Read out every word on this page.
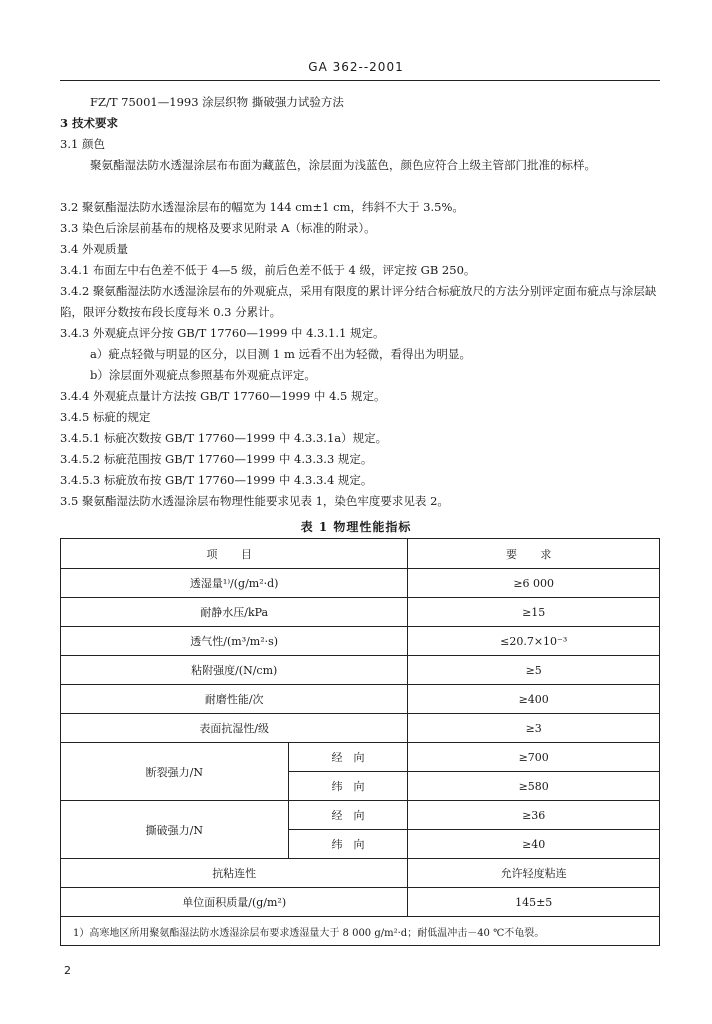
GA 362--2001
FZ/T 75001—1993 涂层织物 撕破强力试验方法
3 技术要求
3.1 颜色
聚氨酯湿法防水透湿涂层布布面为藏蓝色，涂层面为浅蓝色，颜色应符合上级主管部门批准的标样。
3.2 聚氨酯湿法防水透湿涂层布的幅宽为 144 cm±1 cm，纬斜不大于 3.5%。
3.3 染色后涂层前基布的规格及要求见附录 A（标准的附录）。
3.4 外观质量
3.4.1 布面左中右色差不低于 4—5 级，前后色差不低于 4 级，评定按 GB 250。
3.4.2 聚氨酯湿法防水透湿涂层布的外观疵点，采用有限度的累计评分结合标疵放尺的方法分别评定面布疵点与涂层缺陷，限评分数按布段长度每米 0.3 分累计。
3.4.3 外观疵点评分按 GB/T 17760—1999 中 4.3.1.1 规定。
a）疵点轻微与明显的区分，以目测 1 m 远看不出为轻微，看得出为明显。
b）涂层面外观疵点参照基布外观疵点评定。
3.4.4 外观疵点量计方法按 GB/T 17760—1999 中 4.5 规定。
3.4.5 标疵的规定
3.4.5.1 标疵次数按 GB/T 17760—1999 中 4.3.3.1a）规定。
3.4.5.2 标疵范围按 GB/T 17760—1999 中 4.3.3.3 规定。
3.4.5.3 标疵放布按 GB/T 17760—1999 中 4.3.3.4 规定。
3.5 聚氨酯湿法防水透湿涂层布物理性能要求见表 1，染色牢度要求见表 2。
表 1 物理性能指标
项 目		要 求
透湿量¹⁾/(g/m²·d)		≥6 000
耐静水压/kPa		≥15
透气性/(m³/m²·s)		≤20.7×10⁻³
粘附强度/(N/cm)		≥5
耐磨性能/次		≥400
表面抗湿性/级		≥3
断裂强力/N	经　向	≥700
	纬　向	≥580
撕破强力/N	经　向	≥36
	纬　向	≥40
抗粘连性		允许轻度粘连
单位面积质量/(g/m²)		145±5
1）高寒地区所用聚氨酯湿法防水透湿涂层布要求透湿量大于 8 000 g/m²·d；耐低温冲击－40 ℃不龟裂。		
2
